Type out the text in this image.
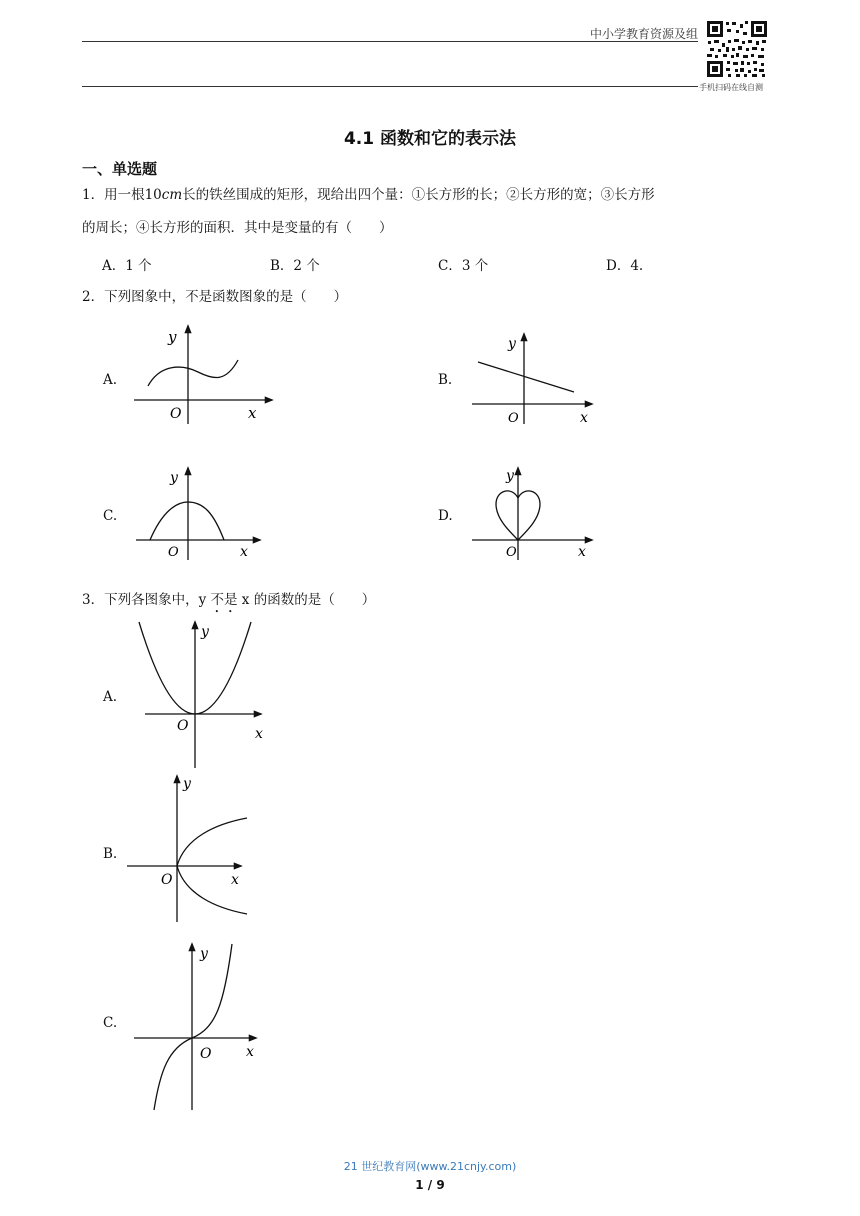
中小学教育资源及组
手机扫码在线自测
4.1 函数和它的表示法
一、单选题
1．用一根10cm长的铁丝围成的矩形，现给出四个量：①长方形的长；②长方形的宽；③长方形
的周长；④长方形的面积．其中是变量的有（　　）
A．1 个	B．2 个	C．3 个	D．4.
2．下列图象中，不是函数图象的是（　　）
A.
y
O	x
B.
y
O	x
C.
y
O	x
D.
y
O	x
3．下列各图象中，y 不是 x 的函数的是（　　）
A.
y
O	x
B.
y
O	x
C.
y
O x
21 世纪教育网(www.21cnjy.com)
1 / 9
